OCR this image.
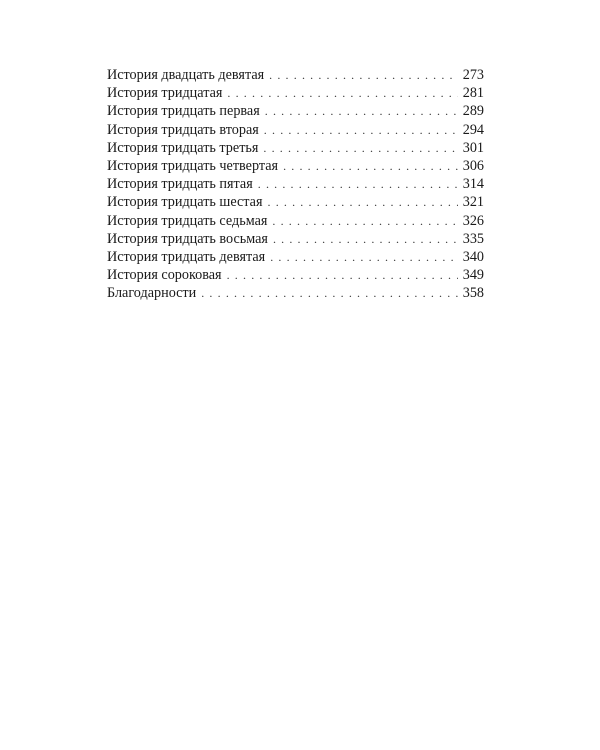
История двадцать девятая . . .	273
История тридцатая . . .	281
История тридцать первая . . .	289
История тридцать вторая . . .	294
История тридцать третья . . .	301
История тридцать четвертая . . .	306
История тридцать пятая . . .	314
История тридцать шестая . . .	321
История тридцать седьмая . . .	326
История тридцать восьмая . . .	335
История тридцать девятая . . .	340
История сороковая . . .	349
Благодарности . . .	358
